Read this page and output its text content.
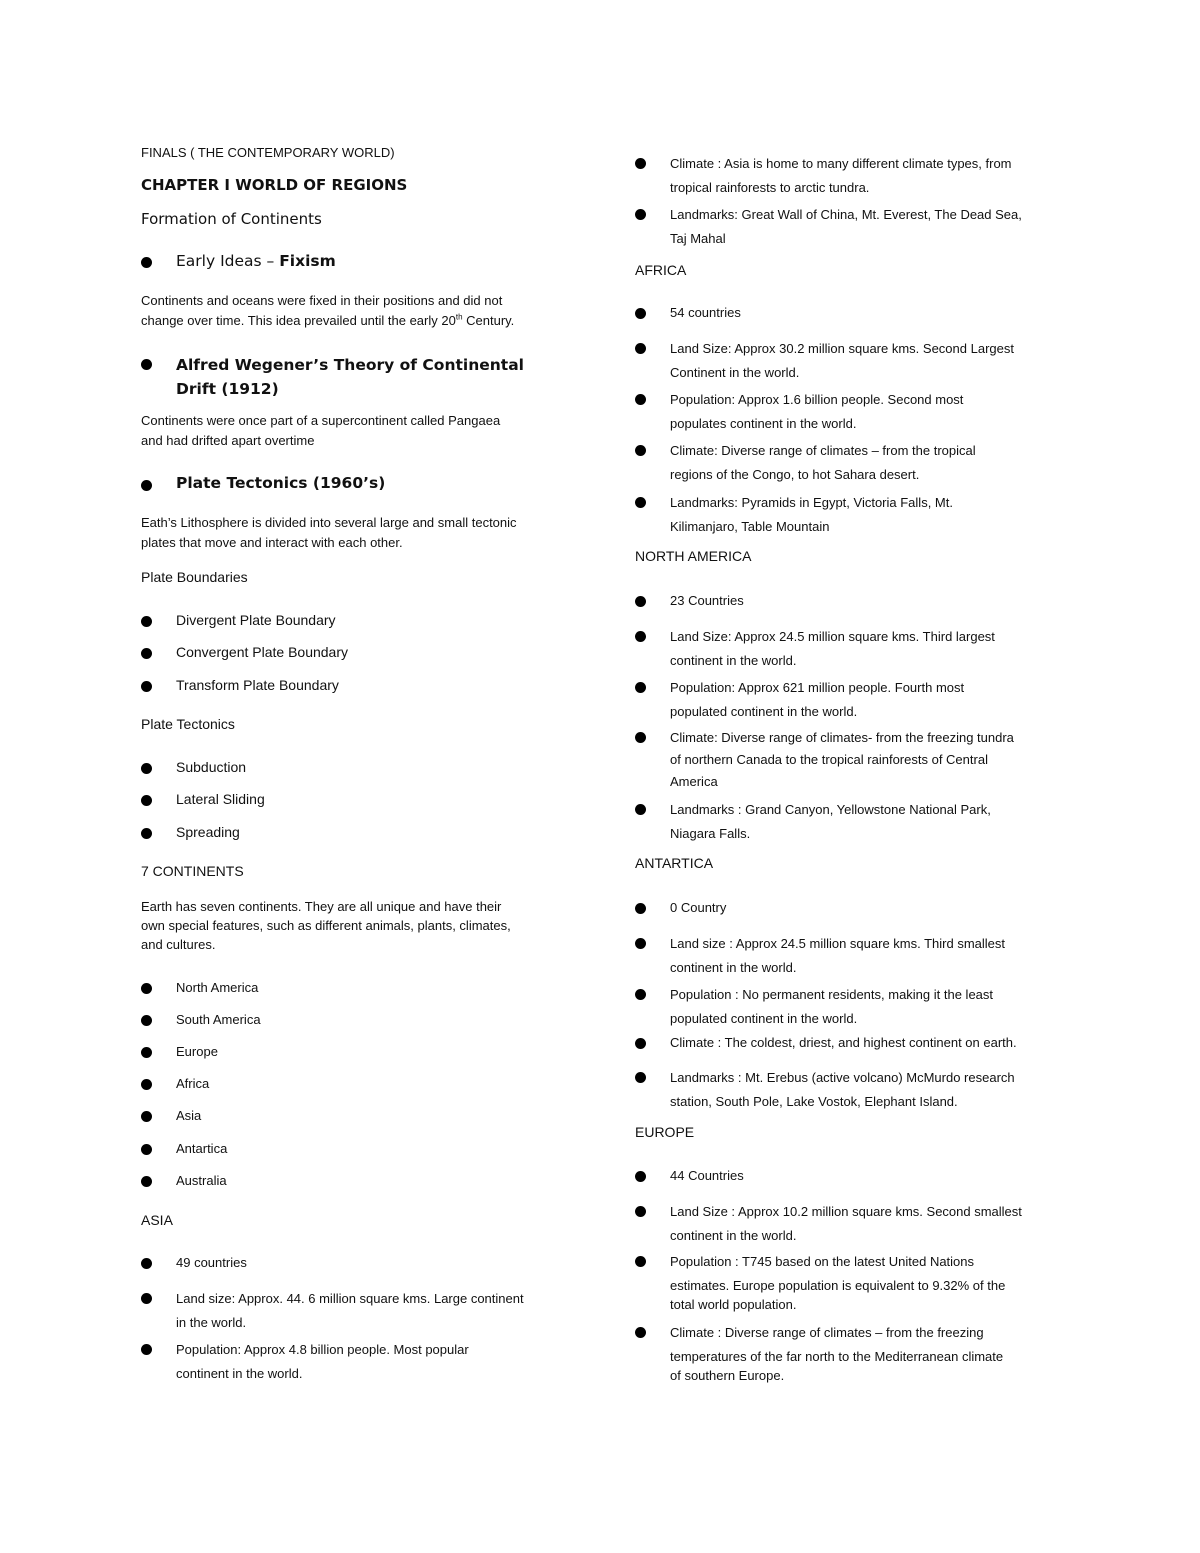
FINALS ( THE CONTEMPORARY WORLD)
CHAPTER I WORLD OF REGIONS
Formation of Continents
Early Ideas – Fixism
Continents and oceans were fixed in their positions and did not
change over time. This idea prevailed until the early 20th Century.
Alfred Wegener’s Theory of Continental
Drift (1912)
Continents were once part of a supercontinent called Pangaea
and had drifted apart overtime
Plate Tectonics (1960’s)
Eath’s Lithosphere is divided into several large and small tectonic
plates that move and interact with each other.
Plate Boundaries
Divergent Plate Boundary
Convergent Plate Boundary
Transform Plate Boundary
Plate Tectonics
Subduction
Lateral Sliding
Spreading
7 CONTINENTS
Earth has seven continents. They are all unique and have their
own special features, such as different animals, plants, climates,
and cultures.
North America
South America
Europe
Africa
Asia
Antartica
Australia
ASIA
49 countries
Land size: Approx. 44. 6 million square kms. Large continent
in the world.
Population: Approx 4.8 billion people. Most popular
continent in the world.
Climate : Asia is home to many different climate types, from
tropical rainforests to arctic tundra.
Landmarks: Great Wall of China, Mt. Everest, The Dead Sea,
Taj Mahal
AFRICA
54 countries
Land Size: Approx 30.2 million square kms. Second Largest
Continent in the world.
Population: Approx 1.6 billion people. Second most
populates continent in the world.
Climate: Diverse range of climates – from the tropical
regions of the Congo, to hot Sahara desert.
Landmarks: Pyramids in Egypt, Victoria Falls, Mt.
Kilimanjaro, Table Mountain
NORTH AMERICA
23 Countries
Land Size: Approx 24.5 million square kms. Third largest
continent in the world.
Population: Approx 621 million people. Fourth most
populated continent in the world.
Climate: Diverse range of climates- from the freezing tundra
of northern Canada to the tropical rainforests of Central
America
Landmarks : Grand Canyon, Yellowstone National Park,
Niagara Falls.
ANTARTICA
0 Country
Land size : Approx 24.5 million square kms. Third smallest
continent in the world.
Population : No permanent residents, making it the least
populated continent in the world.
Climate : The coldest, driest, and highest continent on earth.
Landmarks : Mt. Erebus (active volcano) McMurdo research
station, South Pole, Lake Vostok, Elephant Island.
EUROPE
44 Countries
Land Size : Approx 10.2 million square kms. Second smallest
continent in the world.
Population : T745 based on the latest United Nations
estimates. Europe population is equivalent to 9.32% of the
total world population.
Climate : Diverse range of climates – from the freezing
temperatures of the far north to the Mediterranean climate
of southern Europe.
